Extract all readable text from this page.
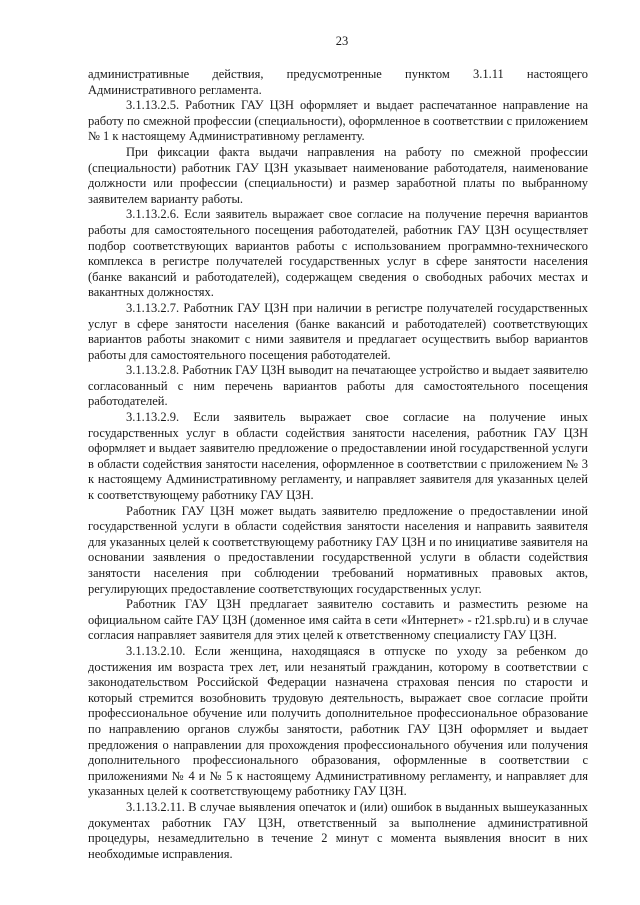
23

административные действия, предусмотренные пунктом 3.1.11 настоящего Административного регламента.

3.1.13.2.5. Работник ГАУ ЦЗН оформляет и выдает распечатанное направление на работу по смежной профессии (специальности), оформленное в соответствии с приложением № 1 к настоящему Административному регламенту.

При фиксации факта выдачи направления на работу по смежной профессии (специальности) работник ГАУ ЦЗН указывает наименование работодателя, наименование должности или профессии (специальности) и размер заработной платы по выбранному заявителем варианту работы.

3.1.13.2.6. Если заявитель выражает свое согласие на получение перечня вариантов работы для самостоятельного посещения работодателей, работник ГАУ ЦЗН осуществляет подбор соответствующих вариантов работы с использованием программно-технического комплекса в регистре получателей государственных услуг в сфере занятости населения (банке вакансий и работодателей), содержащем сведения о свободных рабочих местах и вакантных должностях.

3.1.13.2.7. Работник ГАУ ЦЗН при наличии в регистре получателей государственных услуг в сфере занятости населения (банке вакансий и работодателей) соответствующих вариантов работы знакомит с ними заявителя и предлагает осуществить выбор вариантов работы для самостоятельного посещения работодателей.

3.1.13.2.8. Работник ГАУ ЦЗН выводит на печатающее устройство и выдает заявителю согласованный с ним перечень вариантов работы для самостоятельного посещения работодателей.

3.1.13.2.9. Если заявитель выражает свое согласие на получение иных государственных услуг в области содействия занятости населения, работник ГАУ ЦЗН оформляет и выдает заявителю предложение о предоставлении иной государственной услуги в области содействия занятости населения, оформленное в соответствии с приложением № 3 к настоящему Административному регламенту, и направляет заявителя для указанных целей к соответствующему работнику ГАУ ЦЗН.

Работник ГАУ ЦЗН может выдать заявителю предложение о предоставлении иной государственной услуги в области содействия занятости населения и направить заявителя для указанных целей к соответствующему работнику ГАУ ЦЗН и по инициативе заявителя на основании заявления о предоставлении государственной услуги в области содействия занятости населения при соблюдении требований нормативных правовых актов, регулирующих предоставление соответствующих государственных услуг.

Работник ГАУ ЦЗН предлагает заявителю составить и разместить резюме на официальном сайте ГАУ ЦЗН (доменное имя сайта в сети «Интернет» - r21.spb.ru) и в случае согласия направляет заявителя для этих целей к ответственному специалисту ГАУ ЦЗН.

3.1.13.2.10. Если женщина, находящаяся в отпуске по уходу за ребенком до достижения им возраста трех лет, или незанятый гражданин, которому в соответствии с законодательством Российской Федерации назначена страховая пенсия по старости и который стремится возобновить трудовую деятельность, выражает свое согласие пройти профессиональное обучение или получить дополнительное профессиональное образование по направлению органов службы занятости, работник ГАУ ЦЗН оформляет и выдает предложения о направлении для прохождения профессионального обучения или получения дополнительного профессионального образования, оформленные в соответствии с приложениями № 4 и № 5 к настоящему Административному регламенту, и направляет для указанных целей к соответствующему работнику ГАУ ЦЗН.

3.1.13.2.11. В случае выявления опечаток и (или) ошибок в выданных вышеуказанных документах работник ГАУ ЦЗН, ответственный за выполнение административной процедуры, незамедлительно в течение 2 минут с момента выявления вносит в них необходимые исправления.
